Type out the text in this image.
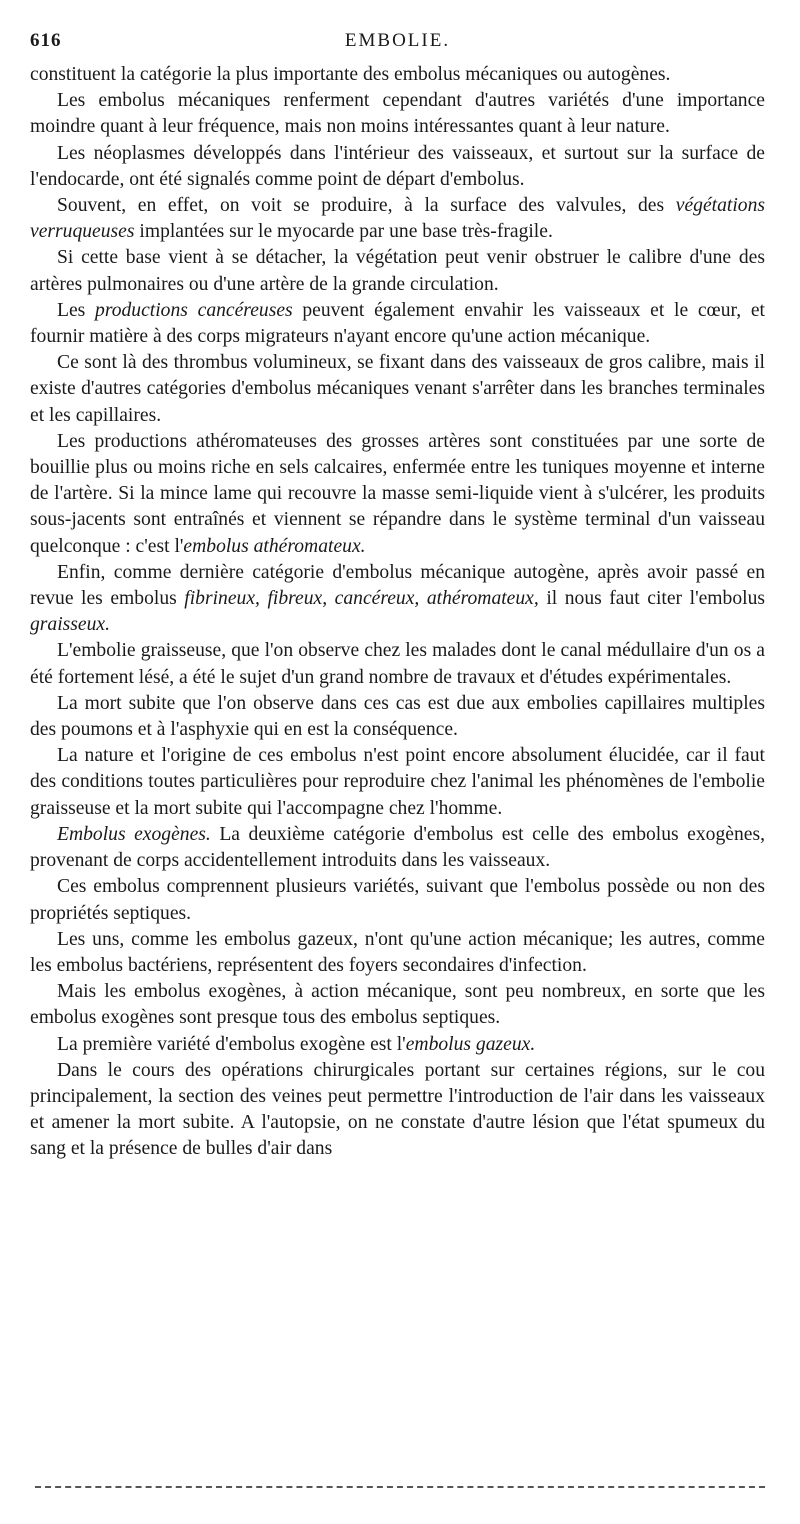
616	EMBOLIE.

constituent la catégorie la plus importante des embolus mécaniques ou autogènes.

Les embolus mécaniques renferment cependant d'autres variétés d'une importance moindre quant à leur fréquence, mais non moins intéressantes quant à leur nature.

Les néoplasmes développés dans l'intérieur des vaisseaux, et surtout sur la surface de l'endocarde, ont été signalés comme point de départ d'embolus.

Souvent, en effet, on voit se produire, à la surface des valvules, des végétations verruqueuses implantées sur le myocarde par une base très-fragile.

Si cette base vient à se détacher, la végétation peut venir obstruer le calibre d'une des artères pulmonaires ou d'une artère de la grande circulation.

Les productions cancéreuses peuvent également envahir les vaisseaux et le cœur, et fournir matière à des corps migrateurs n'ayant encore qu'une action mécanique.

Ce sont là des thrombus volumineux, se fixant dans des vaisseaux de gros calibre, mais il existe d'autres catégories d'embolus mécaniques venant s'arrêter dans les branches terminales et les capillaires.

Les productions athéromateuses des grosses artères sont constituées par une sorte de bouillie plus ou moins riche en sels calcaires, enfermée entre les tuniques moyenne et interne de l'artère. Si la mince lame qui recouvre la masse semi-liquide vient à s'ulcérer, les produits sous-jacents sont entraînés et viennent se répandre dans le système terminal d'un vaisseau quelconque : c'est l'embolus athéromateux.

Enfin, comme dernière catégorie d'embolus mécanique autogène, après avoir passé en revue les embolus fibrineux, fibreux, cancéreux, athéromateux, il nous faut citer l'embolus graisseux.

L'embolie graisseuse, que l'on observe chez les malades dont le canal médullaire d'un os a été fortement lésé, a été le sujet d'un grand nombre de travaux et d'études expérimentales.

La mort subite que l'on observe dans ces cas est due aux embolies capillaires multiples des poumons et à l'asphyxie qui en est la conséquence.

La nature et l'origine de ces embolus n'est point encore absolument élucidée, car il faut des conditions toutes particulières pour reproduire chez l'animal les phénomènes de l'embolie graisseuse et la mort subite qui l'accompagne chez l'homme.

Embolus exogènes. La deuxième catégorie d'embolus est celle des embolus exogènes, provenant de corps accidentellement introduits dans les vaisseaux.

Ces embolus comprennent plusieurs variétés, suivant que l'embolus possède ou non des propriétés septiques.

Les uns, comme les embolus gazeux, n'ont qu'une action mécanique; les autres, comme les embolus bactériens, représentent des foyers secondaires d'infection.

Mais les embolus exogènes, à action mécanique, sont peu nombreux, en sorte que les embolus exogènes sont presque tous des embolus septiques.

La première variété d'embolus exogène est l'embolus gazeux.

Dans le cours des opérations chirurgicales portant sur certaines régions, sur le cou principalement, la section des veines peut permettre l'introduction de l'air dans les vaisseaux et amener la mort subite. A l'autopsie, on ne constate d'autre lésion que l'état spumeux du sang et la présence de bulles d'air dans
